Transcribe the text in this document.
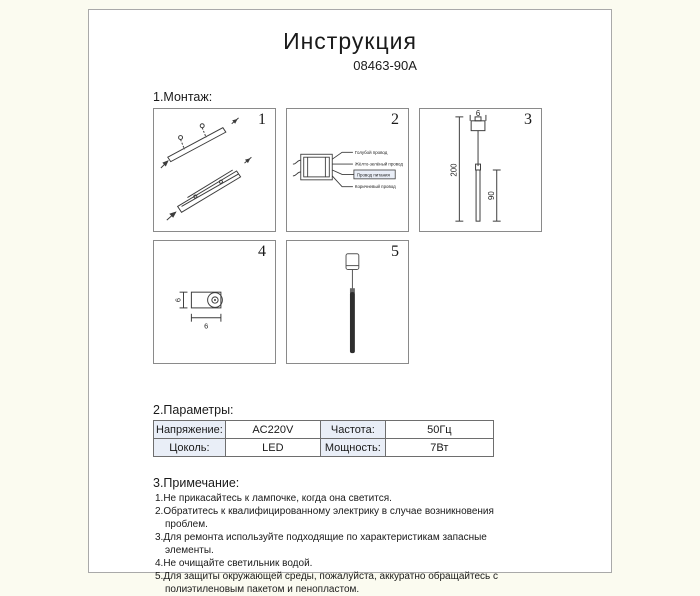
Инструкция
08463-90A
1.Монтаж:
1
Голубой провод
Жёлто-зелёный провод
Провод питания
Коричневый провод
2	6
200
90
3
6
6
4	5
2.Параметры:
Напряжение:	AC220V	Частота:	50Гц
Цоколь:	LED	Мощность:	7Вт
3.Примечание:
1.Не прикасайтесь к лампочке, когда она светится.
2.Обратитесь к квалифицированному электрику в случае возникновения проблем.
3.Для ремонта используйте подходящие по характеристикам запасные элементы.
4.Не очищайте светильник водой.
5.Для защиты окружающей среды, пожалуйста, аккуратно обращайтесь с полиэтиленовым пакетом и пенопластом.
